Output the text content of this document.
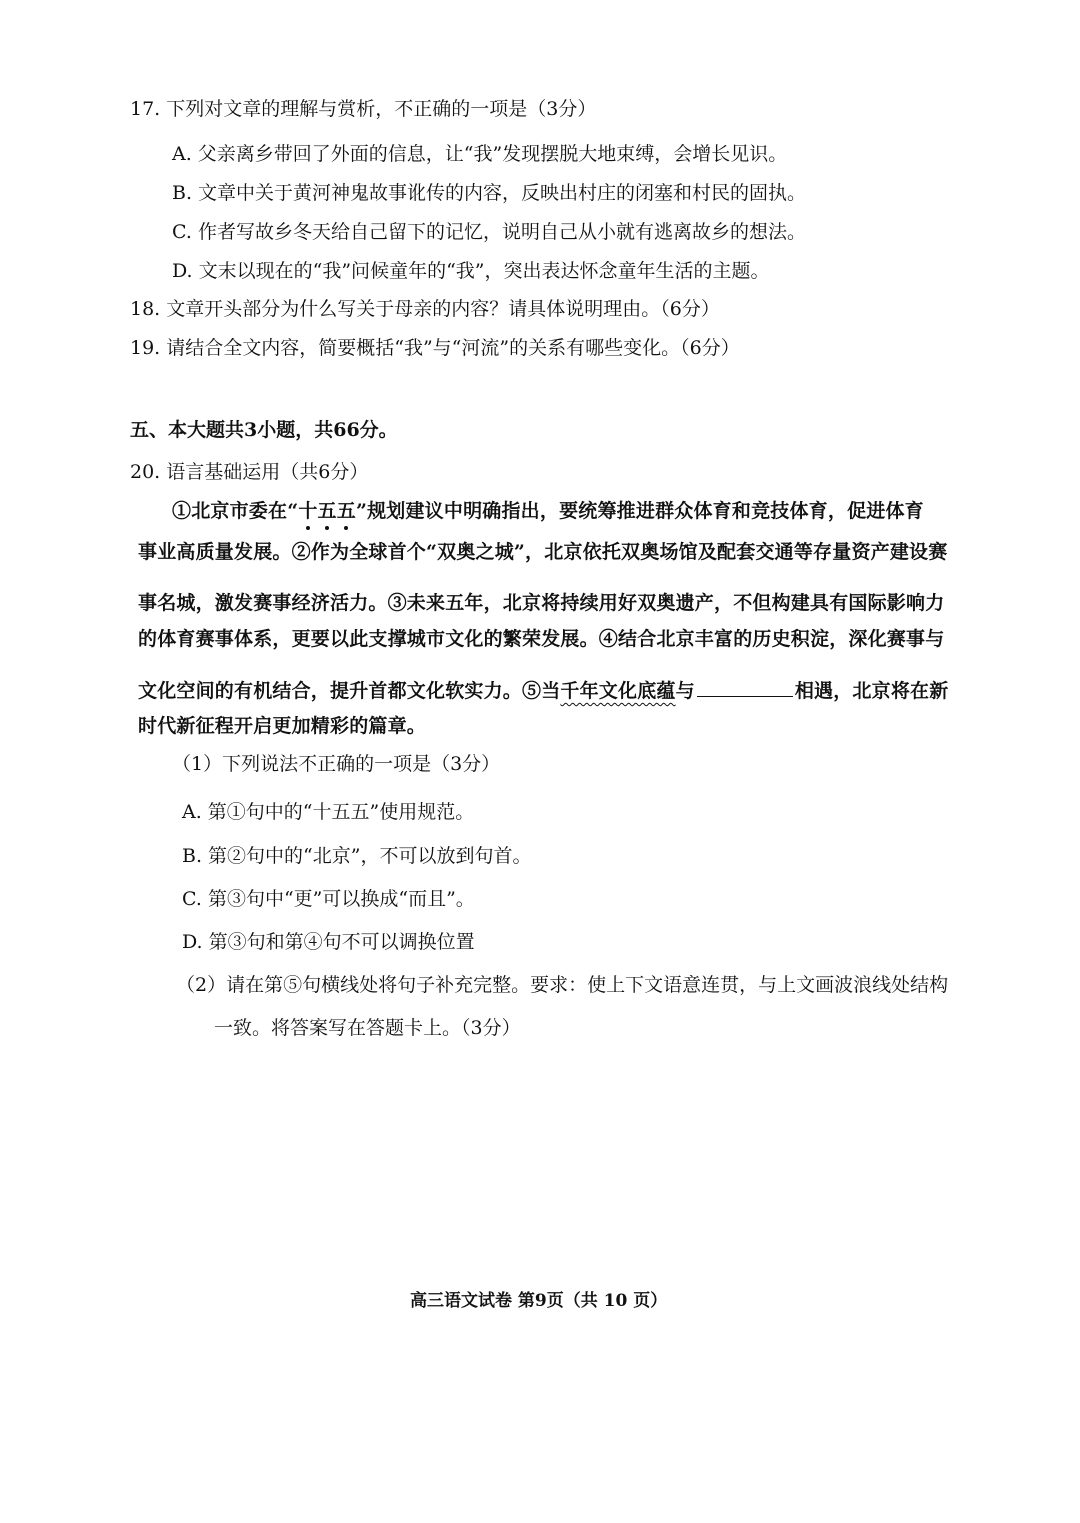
17. 下列对文章的理解与赏析，不正确的一项是（3分）
A. 父亲离乡带回了外面的信息，让“我”发现摆脱大地束缚，会增长见识。
B. 文章中关于黄河神鬼故事讹传的内容，反映出村庄的闭塞和村民的固执。
C. 作者写故乡冬天给自己留下的记忆，说明自己从小就有逃离故乡的想法。
D. 文末以现在的“我”问候童年的“我”，突出表达怀念童年生活的主题。
18. 文章开头部分为什么写关于母亲的内容？请具体说明理由。（6分）
19. 请结合全文内容，简要概括“我”与“河流”的关系有哪些变化。（6分）
五、本大题共3小题，共66分。
20. 语言基础运用（共6分）
①北京市委在“十五五
”规划建议中明确指出，要统筹推进群众体育和竞技体育，促进体育
事业高质量发展。②作为全球首个“双奥之城”，北京依托双奥场馆及配套交通等存量资产建设赛
事名城，激发赛事经济活力。③未来五年，北京将持续用好双奥遗产，不但构建具有国际影响力
的体育赛事体系，更要以此支撑城市文化的繁荣发展。④结合北京丰富的历史积淀，深化赛事与
文化空间的有机结合，提升首都文化软实力。⑤当千年文化底蕴与	相遇，北京将在新
时代新征程开启更加精彩的篇章。
（1）下列说法不正确的一项是（3分）
A. 第①句中的“十五五”使用规范。
B. 第②句中的“北京”，不可以放到句首。
C. 第③句中“更”可以换成“而且”。
D. 第③句和第④句不可以调换位置
（2）请在第⑤句横线处将句子补充完整。要求：使上下文语意连贯，与上文画波浪线处结构
一致。将答案写在答题卡上。（3分）
高三语文试卷 第9页（共 10 页）
